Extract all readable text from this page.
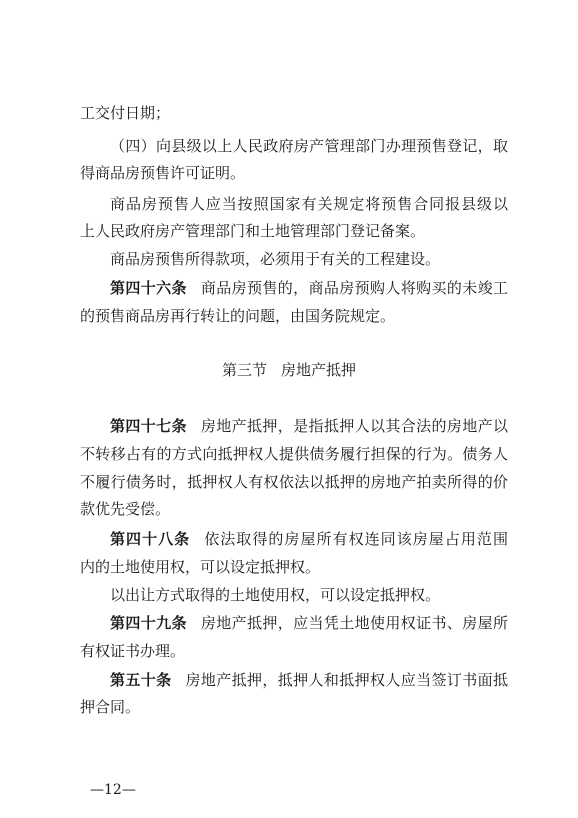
工交付日期；
（四）向县级以上人民政府房产管理部门办理预售登记，取
得商品房预售许可证明。
商品房预售人应当按照国家有关规定将预售合同报县级以
上人民政府房产管理部门和土地管理部门登记备案。
商品房预售所得款项，必须用于有关的工程建设。
第四十六条 商品房预售的，商品房预购人将购买的未竣工
的预售商品房再行转让的问题，由国务院规定。
第三节 房地产抵押
第四十七条 房地产抵押，是指抵押人以其合法的房地产以
不转移占有的方式向抵押权人提供债务履行担保的行为。债务人
不履行债务时，抵押权人有权依法以抵押的房地产拍卖所得的价
款优先受偿。
第四十八条 依法取得的房屋所有权连同该房屋占用范围
内的土地使用权，可以设定抵押权。
以出让方式取得的土地使用权，可以设定抵押权。
第四十九条 房地产抵押，应当凭土地使用权证书、房屋所
有权证书办理。
第五十条 房地产抵押，抵押人和抵押权人应当签订书面抵
押合同。
—12—
